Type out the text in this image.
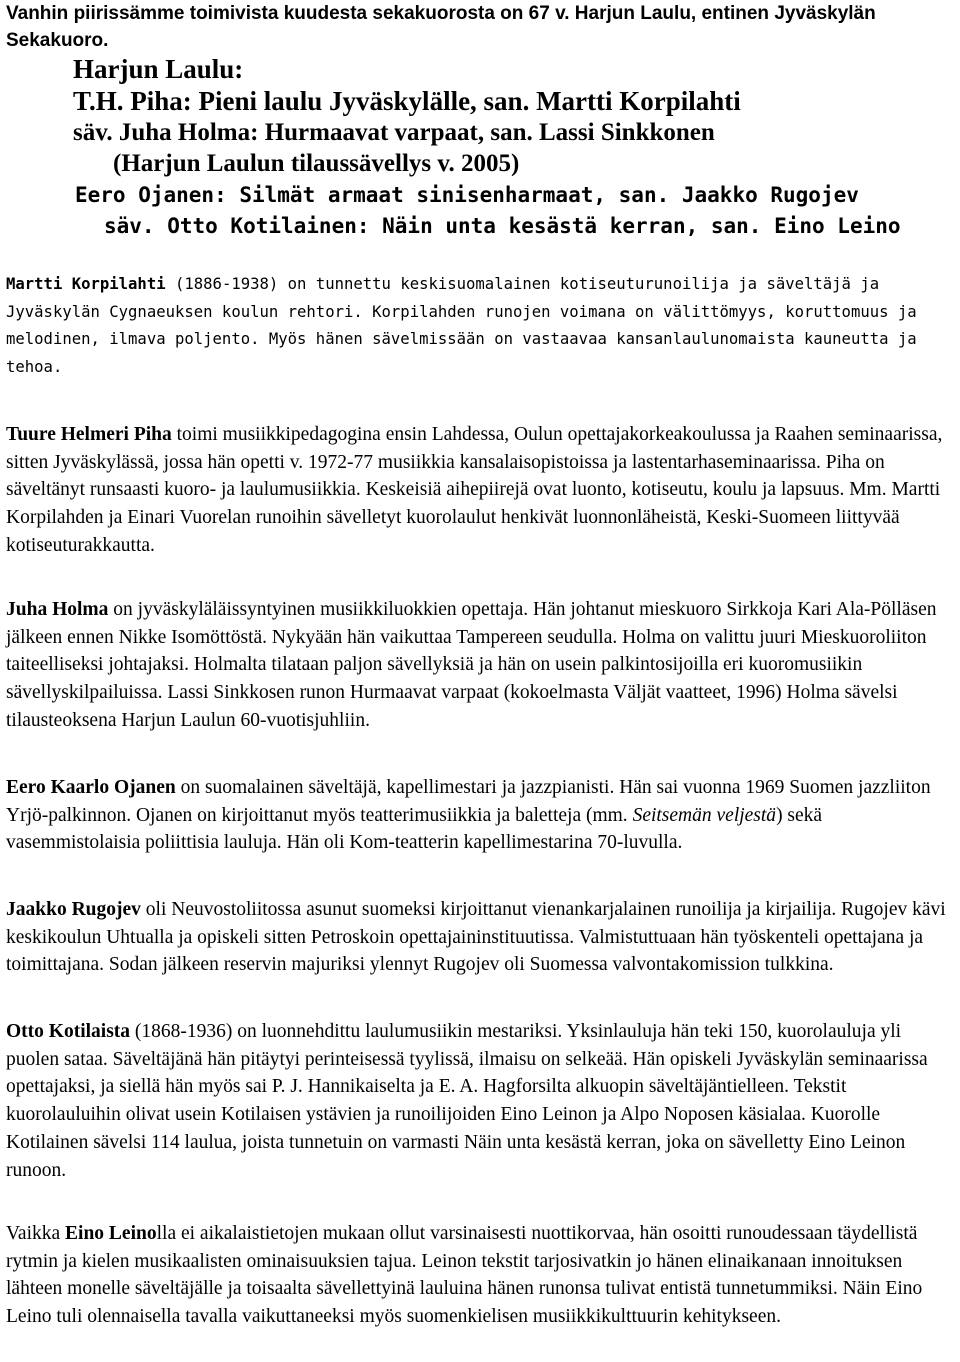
Vanhin piirissämme toimivista kuudesta sekakuorosta on 67 v. Harjun Laulu, entinen Jyväskylän Sekakuoro.

Harjun Laulu:
T.H. Piha: Pieni laulu Jyväskylälle, san. Martti Korpilahti
säv. Juha Holma: Hurmaavat varpaat, san. Lassi Sinkkonen
(Harjun Laulun tilaussävellys v. 2005)
Eero Ojanen: Silmät armaat sinisenharmaat, san. Jaakko Rugojev
säv. Otto Kotilainen: Näin unta kesästä kerran, san. Eino Leino

Martti Korpilahti (1886-1938) on tunnettu keskisuomalainen kotiseuturunoilija ja säveltäjä ja Jyväskylän Cygnaeuksen koulun rehtori. Korpilahden runojen voimana on välittömyys, koruttomuus ja melodinen, ilmava poljento. Myös hänen sävelmissään on vastaavaa kansanlaulunomaista kauneutta ja tehoa.

Tuure Helmeri Piha toimi musiikkipedagogina ensin Lahdessa, Oulun opettajakorkeakoulussa ja Raahen seminaarissa, sitten Jyväskylässä, jossa hän opetti v. 1972-77 musiikkia kansalaisopistoissa ja lastentarhaseminaarissa. Piha on säveltänyt runsaasti kuoro- ja laulumusiikkia. Keskeisiä aihepiirejä ovat luonto, kotiseutu, koulu ja lapsuus. Mm. Martti Korpilahden ja Einari Vuorelan runoihin sävelletyt kuorolaulut henkivät luonnonläheistä, Keski-Suomeen liittyvää kotiseuturakkautta.

Juha Holma on jyväskyläläissyntyinen musiikkiluokkien opettaja. Hän johtanut mieskuoro Sirkkoja Kari Ala-Pölläsen jälkeen ennen Nikke Isomöttöstä. Nykyään hän vaikuttaa Tampereen seudulla. Holma on valittu juuri Mieskuoroliiton taiteelliseksi johtajaksi. Holmalta tilataan paljon sävellyksiä ja hän on usein palkintosijoilla eri kuoromusiikin sävellyskilpailuissa. Lassi Sinkkosen runon Hurmaavat varpaat (kokoelmasta Väljät vaatteet, 1996) Holma sävelsi tilausteoksena Harjun Laulun 60-vuotisjuhliin.

Eero Kaarlo Ojanen on suomalainen säveltäjä, kapellimestari ja jazzpianisti. Hän sai vuonna 1969 Suomen jazzliiton Yrjö-palkinnon. Ojanen on kirjoittanut myös teatterimusiikkia ja baletteja (mm. Seitsemän veljestä) sekä vasemmistolaisia poliittisia lauluja. Hän oli Kom-teatterin kapellimestarina 70-luvulla.

Jaakko Rugojev oli Neuvostoliitossa asunut suomeksi kirjoittanut vienankarjalainen runoilija ja kirjailija. Rugojev kävi keskikoulun Uhtualla ja opiskeli sitten Petroskoin opettajaininstituutissa. Valmistuttuaan hän työskenteli opettajana ja toimittajana. Sodan jälkeen reservin majuriksi ylennyt Rugojev oli Suomessa valvontakomission tulkkina.

Otto Kotilaista (1868-1936) on luonnehdittu laulumusiikin mestariksi. Yksinlauluja hän teki 150, kuorolauluja yli puolen sataa. Säveltäjänä hän pitäytyi perinteisessä tyylissä, ilmaisu on selkeää. Hän opiskeli Jyväskylän seminaarissa opettajaksi, ja siellä hän myös sai P. J. Hannikaiselta ja E. A. Hagforsilta alkuopin säveltäjäntielleen. Tekstit kuorolauluihin olivat usein Kotilaisen ystävien ja runoilijoiden Eino Leinon ja Alpo Noposen käsialaa. Kuorolle Kotilainen sävelsi 114 laulua, joista tunnetuin on varmasti Näin unta kesästä kerran, joka on sävelletty Eino Leinon runoon.

Vaikka Eino Leinolla ei aikalaistietojen mukaan ollut varsinaisesti nuottikorvaa, hän osoitti runoudessaan täydellistä rytmin ja kielen musikaalisten ominaisuuksien tajua. Leinon tekstit tarjosivatkin jo hänen elinaikanaan innoituksen lähteen monelle säveltäjälle ja toisaalta sävellettyinä lauluina hänen runonsa tulivat entistä tunnetummiksi. Näin Eino Leino tuli olennaisella tavalla vaikuttaneeksi myös suomenkielisen musiikkikulttuurin kehitykseen.
